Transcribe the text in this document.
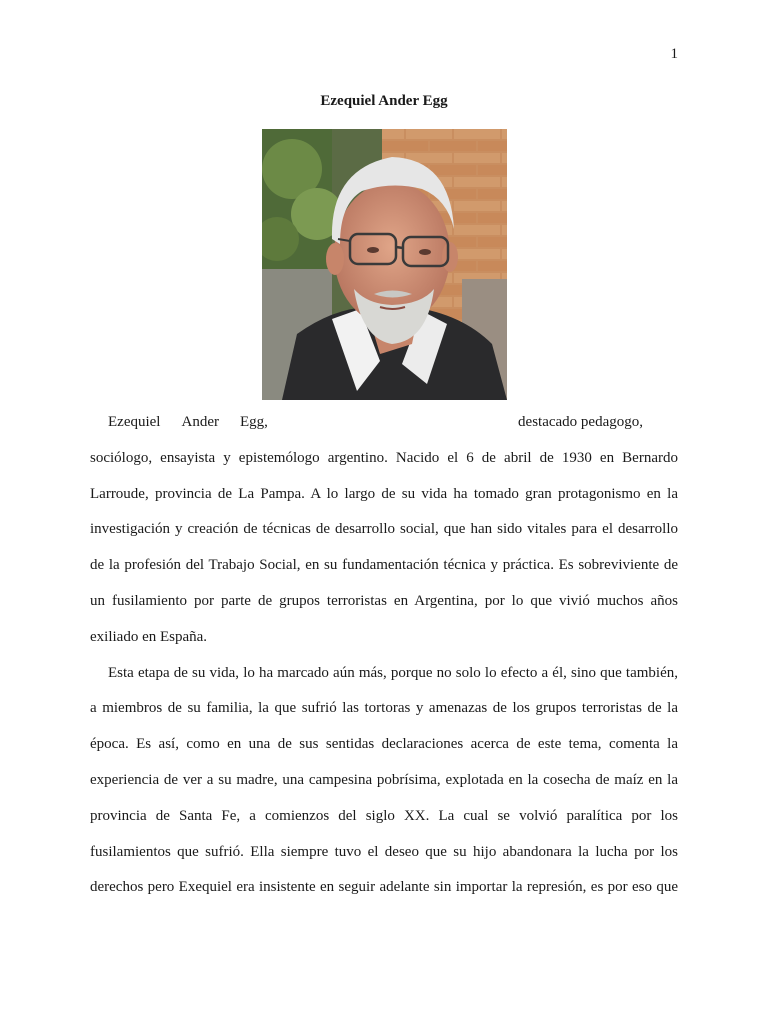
1
Ezequiel Ander Egg
Ezequiel Ander Egg,	destacado pedagogo,
sociólogo, ensayista y epistemólogo argentino. Nacido el 6 de abril de 1930 en Bernardo
Larroude, provincia de La Pampa. A lo largo de su vida ha tomado gran protagonismo en la
investigación y creación de técnicas de desarrollo social, que han sido vitales para el desarrollo
de la profesión del Trabajo Social, en su fundamentación técnica y práctica. Es sobreviviente de
un fusilamiento por parte de grupos terroristas en Argentina, por lo que vivió muchos años
exiliado en España.
Esta etapa de su vida, lo ha marcado aún más, porque no solo lo efecto a él, sino que también,
a miembros de su familia, la que sufrió las tortoras y amenazas de los grupos terroristas de la
época. Es así, como en una de sus sentidas declaraciones acerca de este tema, comenta la
experiencia de ver a su madre, una campesina pobrísima, explotada en la cosecha de maíz en la
provincia de Santa Fe, a comienzos del siglo XX. La cual se volvió paralítica por los
fusilamientos que sufrió. Ella siempre tuvo el deseo que su hijo abandonara la lucha por los
derechos pero Exequiel era insistente en seguir adelante sin importar la represión, es por eso que
